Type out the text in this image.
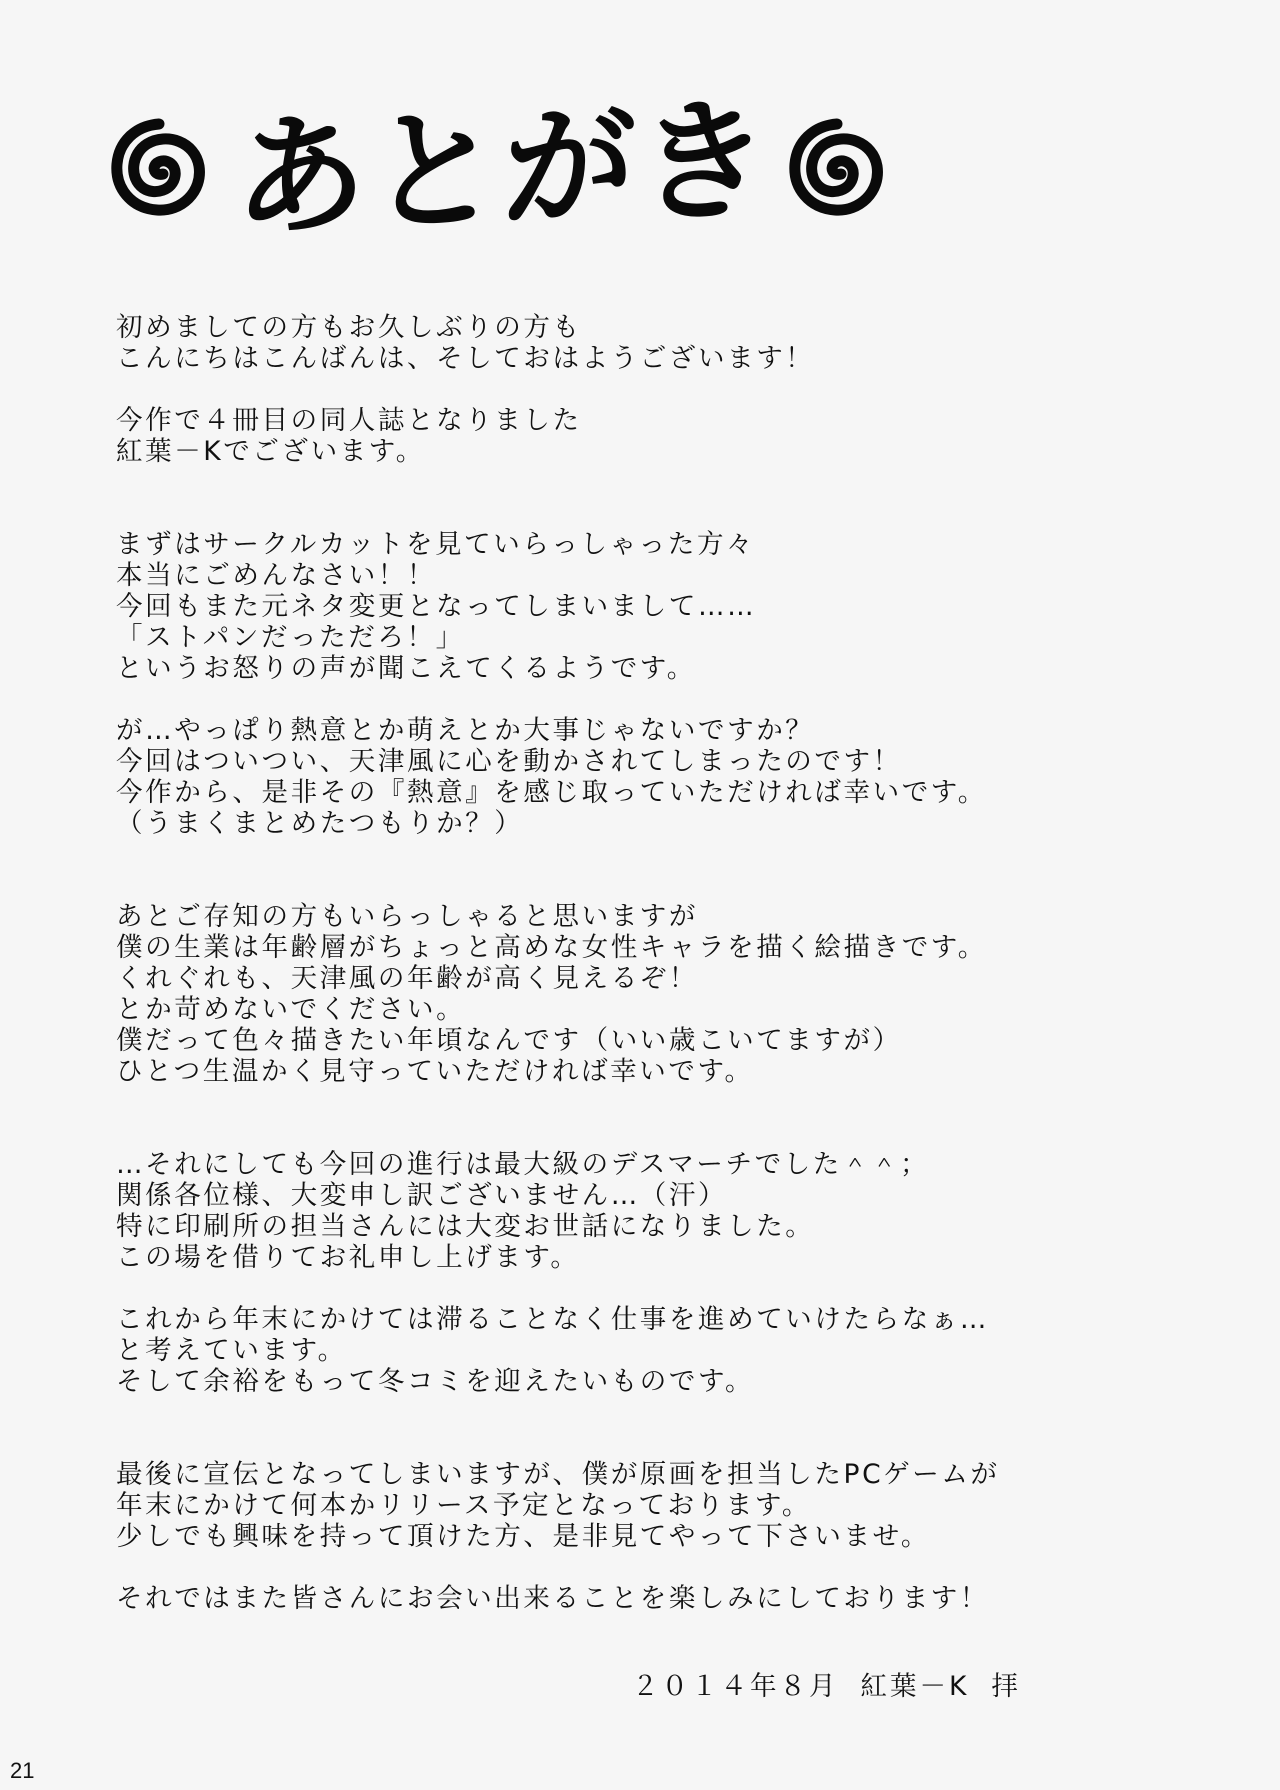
あとがき
初めましての方もお久しぶりの方も
こんにちはこんばんは、そしておはようございます！
今作で４冊目の同人誌となりました
紅葉－Kでございます。
まずはサークルカットを見ていらっしゃった方々
本当にごめんなさい！！
今回もまた元ネタ変更となってしまいまして……
「ストパンだっただろ！」
というお怒りの声が聞こえてくるようです。
が…やっぱり熱意とか萌えとか大事じゃないですか？
今回はついつい、天津風に心を動かされてしまったのです！
今作から、是非その『熱意』を感じ取っていただければ幸いです。
（うまくまとめたつもりか？）
あとご存知の方もいらっしゃると思いますが
僕の生業は年齢層がちょっと高めな女性キャラを描く絵描きです。
くれぐれも、天津風の年齢が高く見えるぞ！
とか苛めないでください。
僕だって色々描きたい年頃なんです（いい歳こいてますが）
ひとつ生温かく見守っていただければ幸いです。
…それにしても今回の進行は最大級のデスマーチでした＾＾；
関係各位様、大変申し訳ございません…（汗）
特に印刷所の担当さんには大変お世話になりました。
この場を借りてお礼申し上げます。
これから年末にかけては滞ることなく仕事を進めていけたらなぁ…
と考えています。
そして余裕をもって冬コミを迎えたいものです。
最後に宣伝となってしまいますが、僕が原画を担当したPCゲームが
年末にかけて何本かリリース予定となっております。
少しでも興味を持って頂けた方、是非見てやって下さいませ。
それではまた皆さんにお会い出来ることを楽しみにしております！
２０１４年８月 紅葉－K 拝
21
